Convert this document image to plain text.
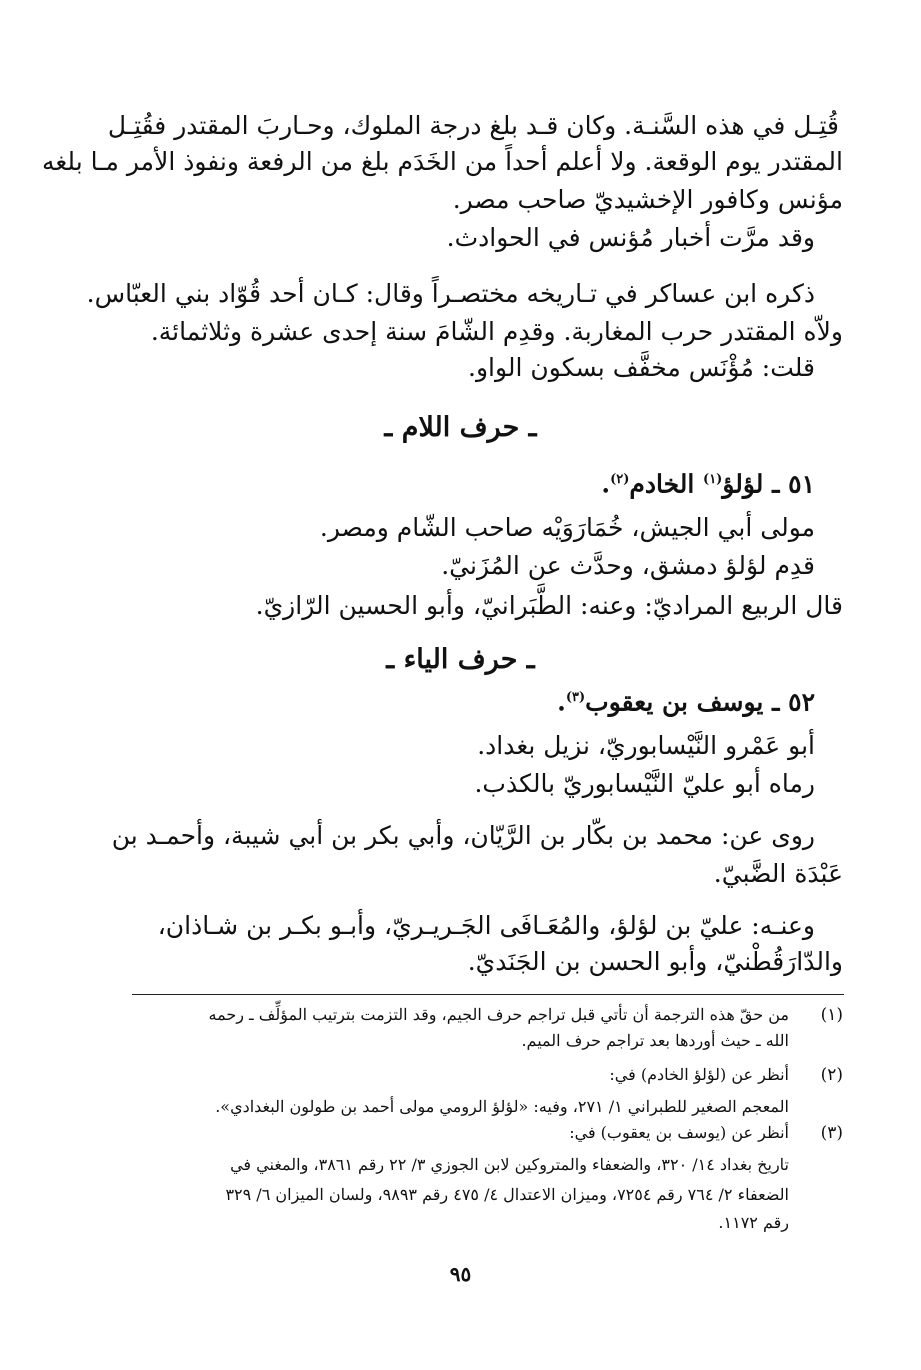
قُتِـل في هذه السَّنـة. وكان قـد بلغ درجة الملوك، وحـاربَ المقتدر فقُتِـل
المقتدر يوم الوقعة. ولا أعلم أحداً من الخَدَم بلغ من الرفعة ونفوذ الأمر مـا بلغه
مؤنس وكافور الإخشيديّ صاحب مصر.
وقد مرَّت أخبار مُؤنس في الحوادث.
ذكره ابن عساكر في تـاريخه مختصـراً وقال: كـان أحد قُوّاد بني العبّاس.
ولاّه المقتدر حرب المغاربة. وقدِم الشّامَ سنة إحدى عشرة وثلاثمائة.
قلت: مُؤْنَس مخفَّف بسكون الواو.
ـ حرف اللام ـ
٥١ ـ لؤلؤ$^{(١)}$ الخادم$^{(٢)}$.
مولى أبي الجيش، خُمَارَوَيْه صاحب الشّام ومصر.
قدِم لؤلؤ دمشق، وحدَّث عن المُزَنيّ.
قال الربيع المراديّ: وعنه: الطَّبَرانيّ، وأبو الحسين الرّازيّ.
ـ حرف الياء ـ
٥٢ ـ يوسف بن يعقوب$^{(٣)}$.
أبو عَمْرو النَّيْسابوريّ، نزيل بغداد.
رماه أبو عليّ النَّيْسابوريّ بالكذب.
روى عن: محمد بن بكّار بن الرَّيّان، وأبي بكر بن أبي شيبة، وأحمـد بن
عَبْدَة الضَّبيّ.
وعنـه: عليّ بن لؤلؤ، والمُعَـافَى الجَـريـريّ، وأبـو بكـر بن شـاذان،
والدّارَقُطْنيّ، وأبو الحسن بن الجَنَديّ.
(١)
من حقّ هذه الترجمة أن تأتي قبل تراجم حرف الجيم، وقد التزمت بترتيب المؤلِّف ـ رحمه
الله ـ حيث أوردها بعد تراجم حرف الميم.
(٢)
أنظر عن (لؤلؤ الخادم) في:
المعجم الصغير للطبراني ١/ ٢٧١، وفيه: «لؤلؤ الرومي مولى أحمد بن طولون البغدادي».
(٣)
أنظر عن (يوسف بن يعقوب) في:
تاريخ بغداد ١٤/ ٣٢٠، والضعفاء والمتروكين لابن الجوزي ٣/ ٢٢ رقم ٣٨٦١، والمغني في
الضعفاء ٢/ ٧٦٤ رقم ٧٢٥٤، وميزان الاعتدال ٤/ ٤٧٥ رقم ٩٨٩٣، ولسان الميزان ٦/ ٣٢٩
رقم ١١٧٢.
٩٥
